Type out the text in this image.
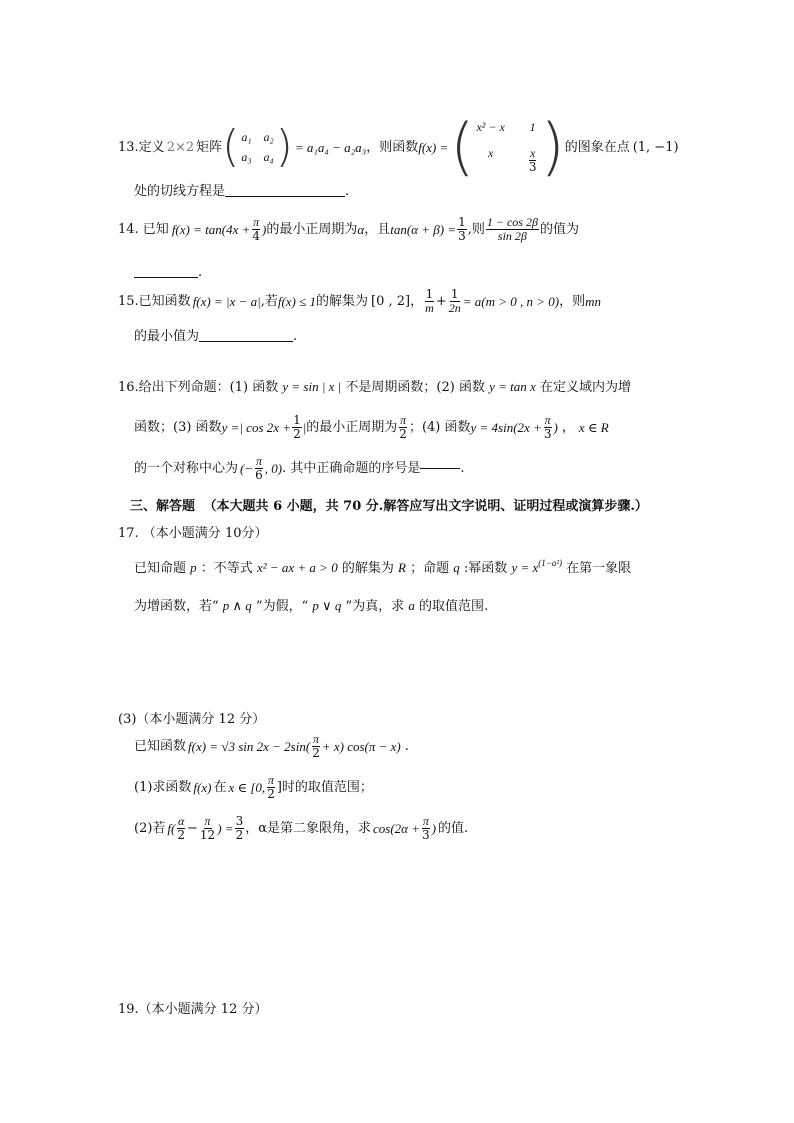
13.定义 2×2 矩阵 ( a₁ a₂
a₃ a₄ ) = a₁a₄ − a₂a₃ ，则函数 f(x) = ( x² − x 1
x	$\frac{x}{3}$ ) 的图象在点 (1, −1)
处的切线方程是	.
14. 已知 $f(x) = \tan(4x + \frac{\pi}{4}$ ) 的最小正周期为 α ，且 $\tan(\alpha + \beta) = \frac{1}{3}$ ,则 $\frac{1 - \cos 2\beta}{\sin 2\beta}$ 的值为
.
15.已知函数 f(x) = |x − a| ,若 f(x) ≤ 1 的解集为 [0 , 2] ， $\frac{1}{m} + \frac{1}{2n} = a(m > 0$ , n > 0) ，则 mn
的最小值为	.
16.给出下列命题：(1) 函数 y = sin | x | 不是周期函数；(2) 函数 y = tan x 在定义域内为增
函数；(3) 函数 y =| $\cos 2x + \frac{1}{2}$ | 的最小正周期为 $\frac{\pi}{2}$ ；(4) 函数 $y = 4\sin(2x + \frac{\pi}{3}$ ) ， x ∈ R
的一个对称中心为 (− $\frac{\pi}{6}$ , 0) . 其中正确命题的序号是	.
三、解答题 （本大题共 6 小题，共 70 分.解答应写出文字说明、证明过程或演算步骤.）
17. （本小题满分 10分）
已知命题 p ：不等式 x² − ax + a > 0 的解集为 R ；命题 q :幂函数 $y = x^{(1-a^2)}$ 在第一象限
为增函数，若“ p ∧ q ”为假，“ p ∨ q ”为真，求 a 的取值范围.
(3)（本小题满分 12 分）
已知函数 f(x) = √3 $\sin 2x - 2\sin( \frac{\pi}{2} + x)$ cos(π − x) .
(1)求函数 f(x) 在 x ∈ [0, $\frac{\pi}{2}$ ] 时的取值范围；
(2)若 $f( \frac{\alpha}{2} - \frac{\pi}{12}$ ) = $\frac{3}{2}$ ， α是第二象限角，求 $\cos(2\alpha + \frac{\pi}{3}$ ) 的值.
19.（本小题满分 12 分）
